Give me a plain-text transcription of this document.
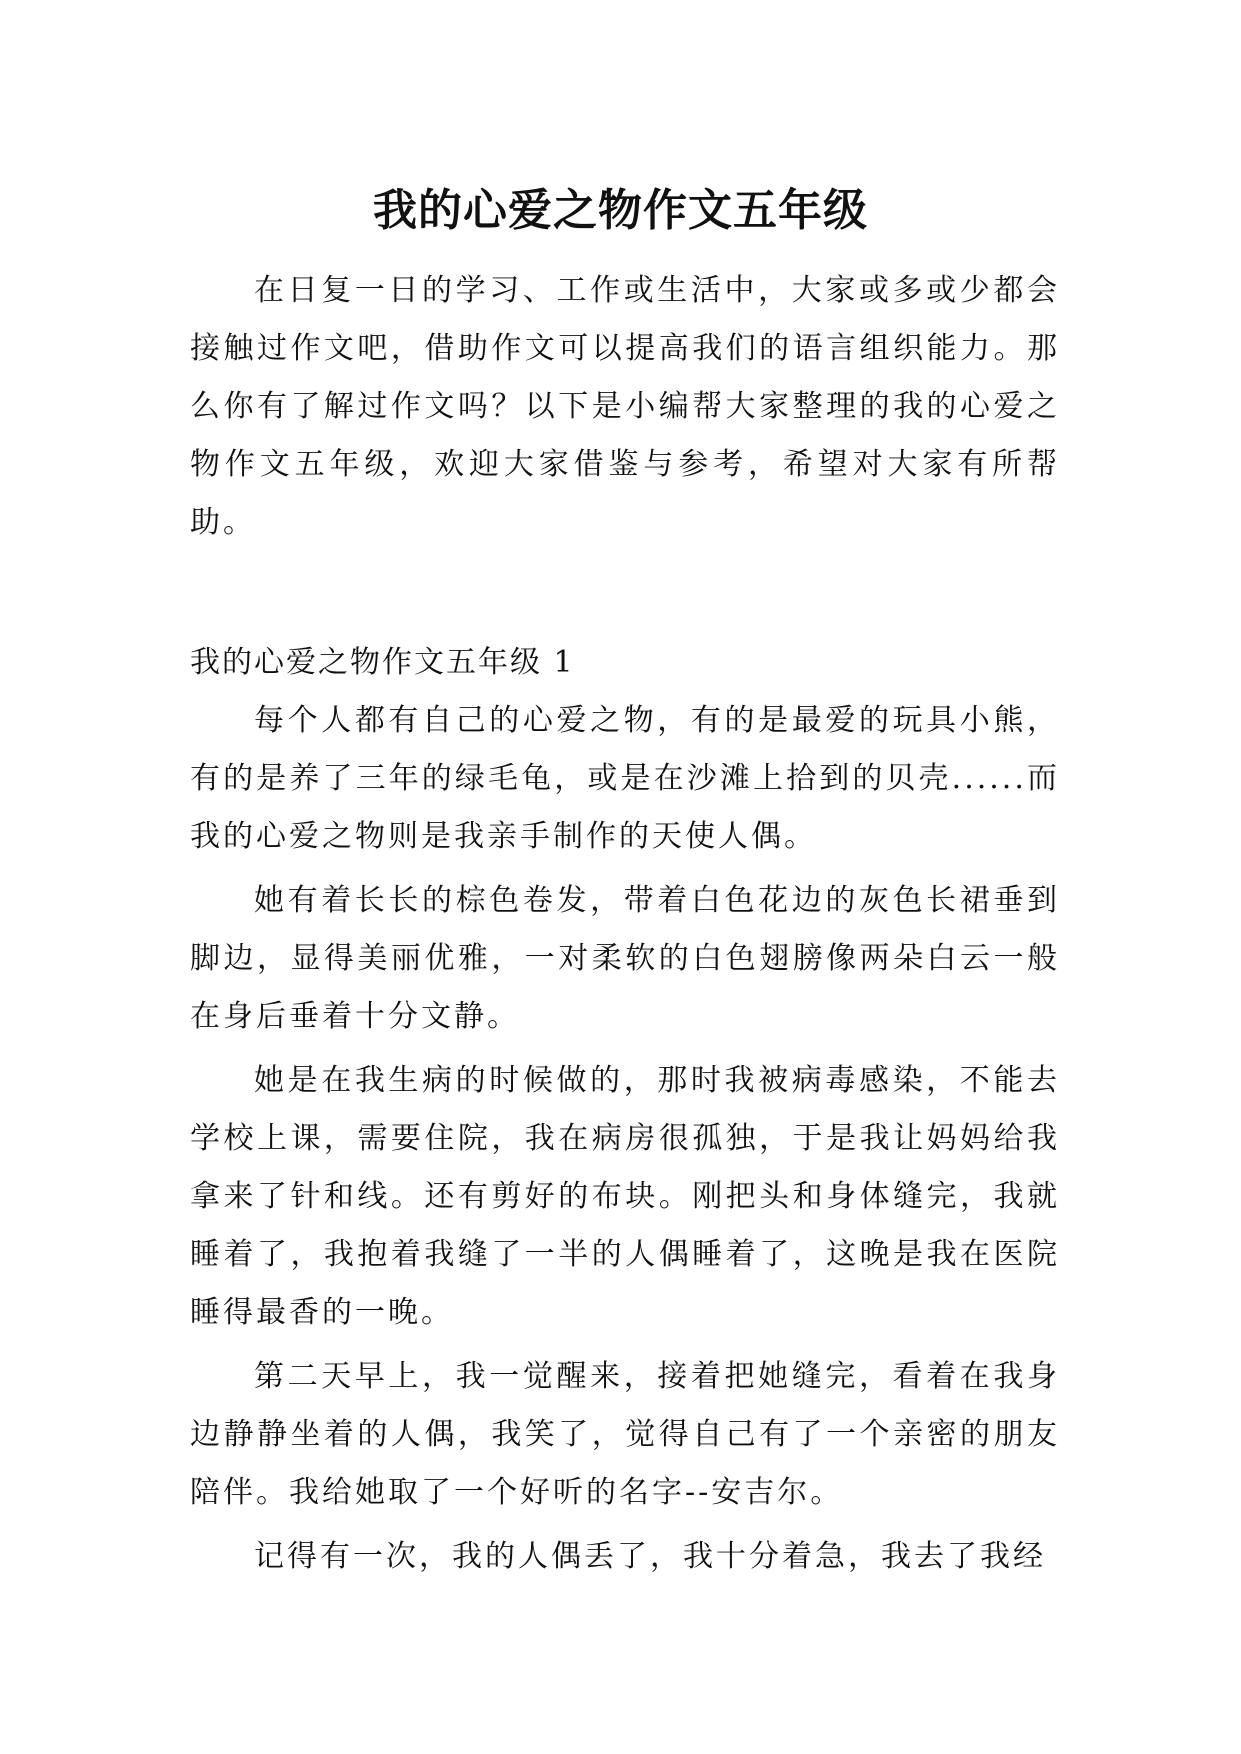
我的心爱之物作文五年级

在日复一日的学习、工作或生活中，大家或多或少都会接触过作文吧，借助作文可以提高我们的语言组织能力。那么你有了解过作文吗？以下是小编帮大家整理的我的心爱之物作文五年级，欢迎大家借鉴与参考，希望对大家有所帮助。

我的心爱之物作文五年级 1

每个人都有自己的心爱之物，有的是最爱的玩具小熊，有的是养了三年的绿毛龟，或是在沙滩上拾到的贝壳......而我的心爱之物则是我亲手制作的天使人偶。

她有着长长的棕色卷发，带着白色花边的灰色长裙垂到脚边，显得美丽优雅，一对柔软的白色翅膀像两朵白云一般在身后垂着十分文静。

她是在我生病的时候做的，那时我被病毒感染，不能去学校上课，需要住院，我在病房很孤独，于是我让妈妈给我拿来了针和线。还有剪好的布块。刚把头和身体缝完，我就睡着了，我抱着我缝了一半的人偶睡着了，这晚是我在医院睡得最香的一晚。

第二天早上，我一觉醒来，接着把她缝完，看着在我身边静静坐着的人偶，我笑了，觉得自己有了一个亲密的朋友陪伴。我给她取了一个好听的名字--安吉尔。

记得有一次，我的人偶丢了，我十分着急，我去了我经
